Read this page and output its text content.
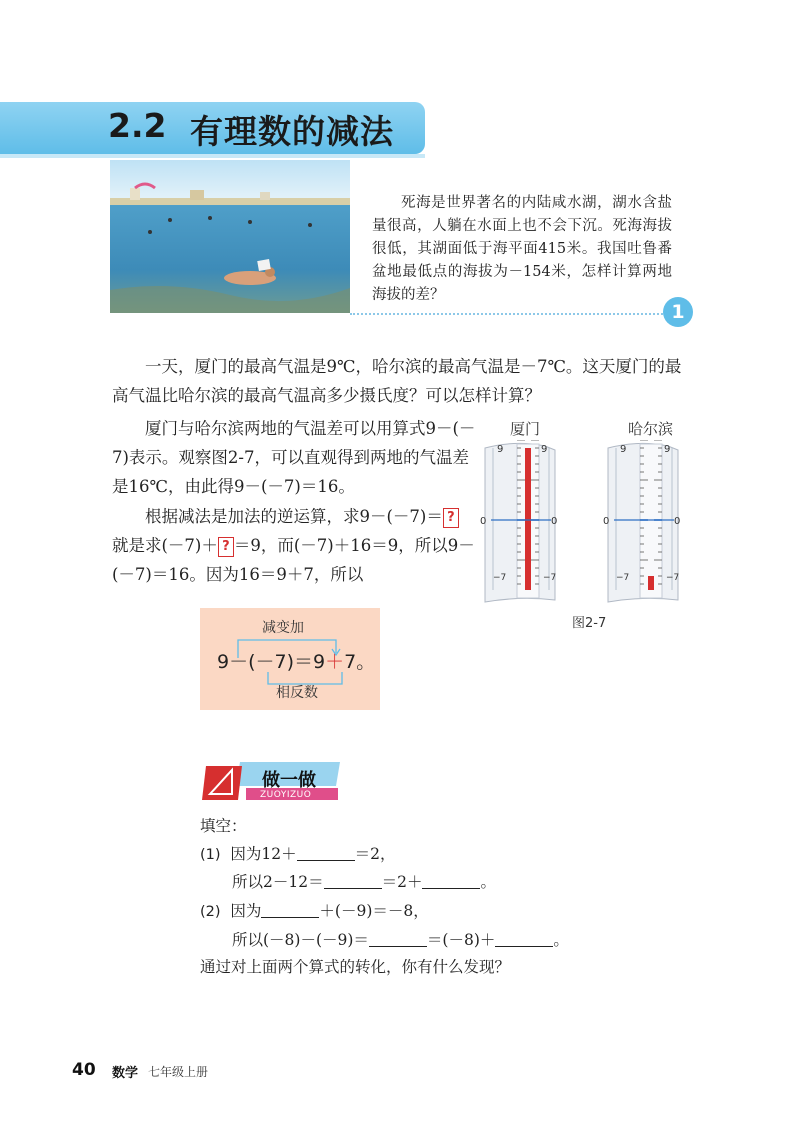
2.2 有理数的减法
死海是世界著名的内陆咸水湖，湖水含盐量很高，人躺在水面上也不会下沉。死海海拔很低，其湖面低于海平面415米。我国吐鲁番盆地最低点的海拔为－154米，怎样计算两地海拔的差？
1
一天，厦门的最高气温是9℃，哈尔滨的最高气温是－7℃。这天厦门的最高气温比哈尔滨的最高气温高多少摄氏度？可以怎样计算？
厦门与哈尔滨两地的气温差可以用算式9－(－7)表示。观察图2-7，可以直观得到两地的气温差是16℃，由此得9－(－7)＝16。
根据减法是加法的逆运算，求9－(－7)＝ ? 就是求(－7)＋ ? ＝9，而(－7)＋16＝9，所以9－(－7)＝16。因为16＝9＋7，所以
厦门	哈尔滨
9	9
0	0
−7	−7
9	9
0	0
−7	−7
图2-7
减变加
9－(－7)＝9＋7。
相反数
做一做
ZUOYIZUO
填空：
(1) 因为12＋	＝2，
所以2－12＝	＝2＋	。
(2) 因为	＋(－9)＝－8，
所以(－8)－(－9)＝	＝(－8)＋	。
通过对上面两个算式的转化，你有什么发现？
40 数学 七年级上册
